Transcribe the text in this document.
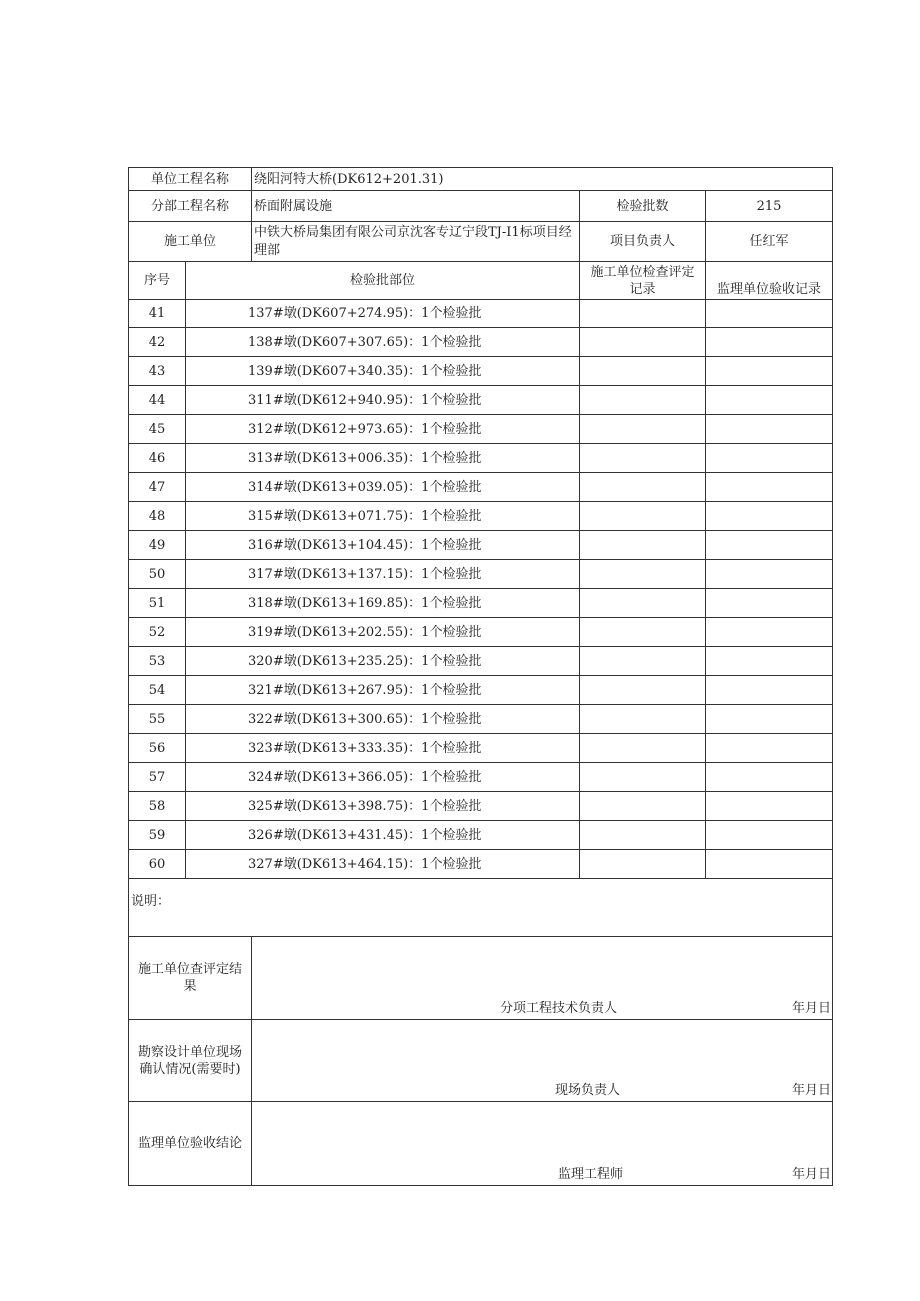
单位工程名称		绕阳河特大桥(DK612+201.31)		
分部工程名称		桥面附属设施	检验批数	215
施工单位		中铁大桥局集团有限公司京沈客专辽宁段TJ-I1标项目经理部	项目负责人	任红军
序号	检验批部位		施工单位检查评定记录	监理单位验收记录
41	137#墩(DK607+274.95)：1个检验批			
42	138#墩(DK607+307.65)：1个检验批			
43	139#墩(DK607+340.35)：1个检验批			
44	311#墩(DK612+940.95)：1个检验批			
45	312#墩(DK612+973.65)：1个检验批			
46	313#墩(DK613+006.35)：1个检验批			
47	314#墩(DK613+039.05)：1个检验批			
48	315#墩(DK613+071.75)：1个检验批			
49	316#墩(DK613+104.45)：1个检验批			
50	317#墩(DK613+137.15)：1个检验批			
51	318#墩(DK613+169.85)：1个检验批			
52	319#墩(DK613+202.55)：1个检验批			
53	320#墩(DK613+235.25)：1个检验批			
54	321#墩(DK613+267.95)：1个检验批			
55	322#墩(DK613+300.65)：1个检验批			
56	323#墩(DK613+333.35)：1个检验批			
57	324#墩(DK613+366.05)：1个检验批			
58	325#墩(DK613+398.75)：1个检验批			
59	326#墩(DK613+431.45)：1个检验批			
60	327#墩(DK613+464.15)：1个检验批			
说明：				
施工单位查评定结果		分项工程技术负责人 年月日		

勘察设计单位现场确认情况(需要时)		现场负责人 年月日		

监理单位验收结论		监理工程师 年月日		
